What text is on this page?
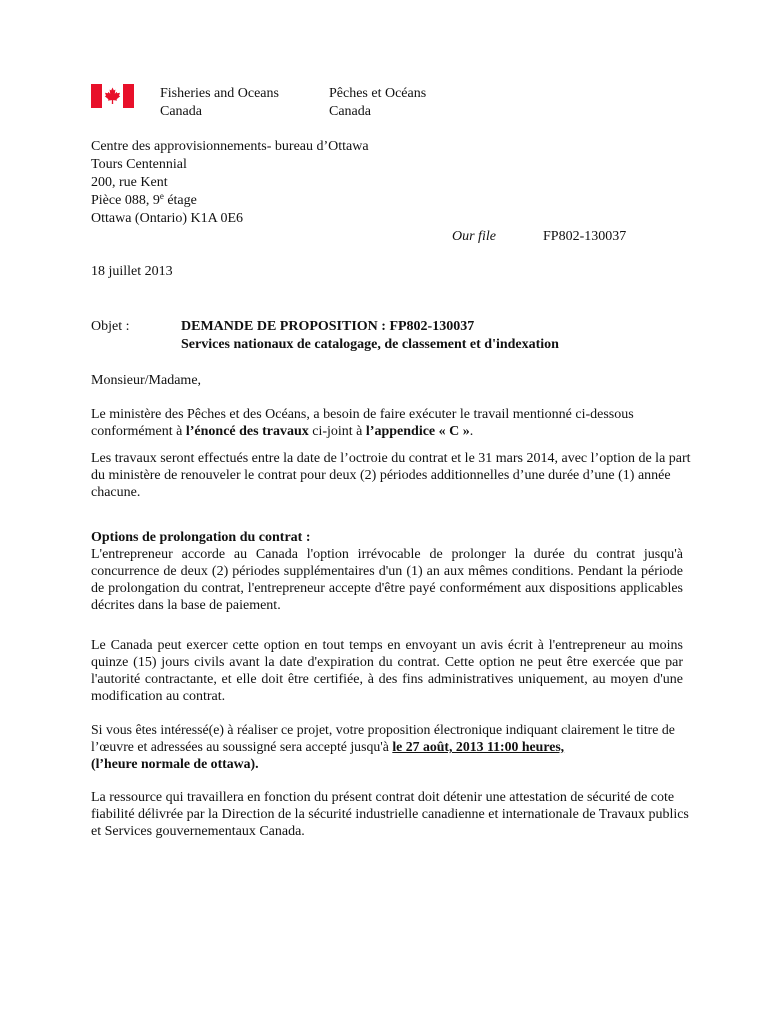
Fisheries and Oceans
Canada
Pêches et Océans
Canada
Centre des approvisionnements- bureau d’Ottawa
Tours Centennial
200, rue Kent
Pièce 088, 9e étage
Ottawa (Ontario) K1A 0E6
Our file	FP802-130037
18 juillet 2013
Objet :	DEMANDE DE PROPOSITION : FP802-130037
Services nationaux de catalogage, de classement et d'indexation
Monsieur/Madame,
Le ministère des Pêches et des Océans, a besoin de faire exécuter le travail mentionné ci-dessous conformément à l’énoncé des travaux ci-joint à l’appendice « C ».
Les travaux seront effectués entre la date de l’octroie du contrat et le 31 mars 2014, avec l’option de la part du ministère de renouveler le contrat pour deux (2) périodes additionnelles d’une durée d’une (1) année chacune.
Options de prolongation du contrat :
L'entrepreneur accorde au Canada l'option irrévocable de prolonger la durée du contrat jusqu'à concurrence de deux (2) périodes supplémentaires d'un (1) an aux mêmes conditions. Pendant la période de prolongation du contrat, l'entrepreneur accepte d'être payé conformément aux dispositions applicables décrites dans la base de paiement.
Le Canada peut exercer cette option en tout temps en envoyant un avis écrit à l'entrepreneur au moins quinze (15) jours civils avant la date d'expiration du contrat. Cette option ne peut être exercée que par l'autorité contractante, et elle doit être certifiée, à des fins administratives uniquement, au moyen d'une modification au contrat.
Si vous êtes intéressé(e) à réaliser ce projet, votre proposition électronique indiquant clairement le titre de l’œuvre et adressées au soussigné sera accepté jusqu'à le 27 août, 2013 11:00 heures,
(l’heure normale de ottawa).
La ressource qui travaillera en fonction du présent contrat doit détenir une attestation de sécurité de cote fiabilité délivrée par la Direction de la sécurité industrielle canadienne et internationale de Travaux publics et Services gouvernementaux Canada.
